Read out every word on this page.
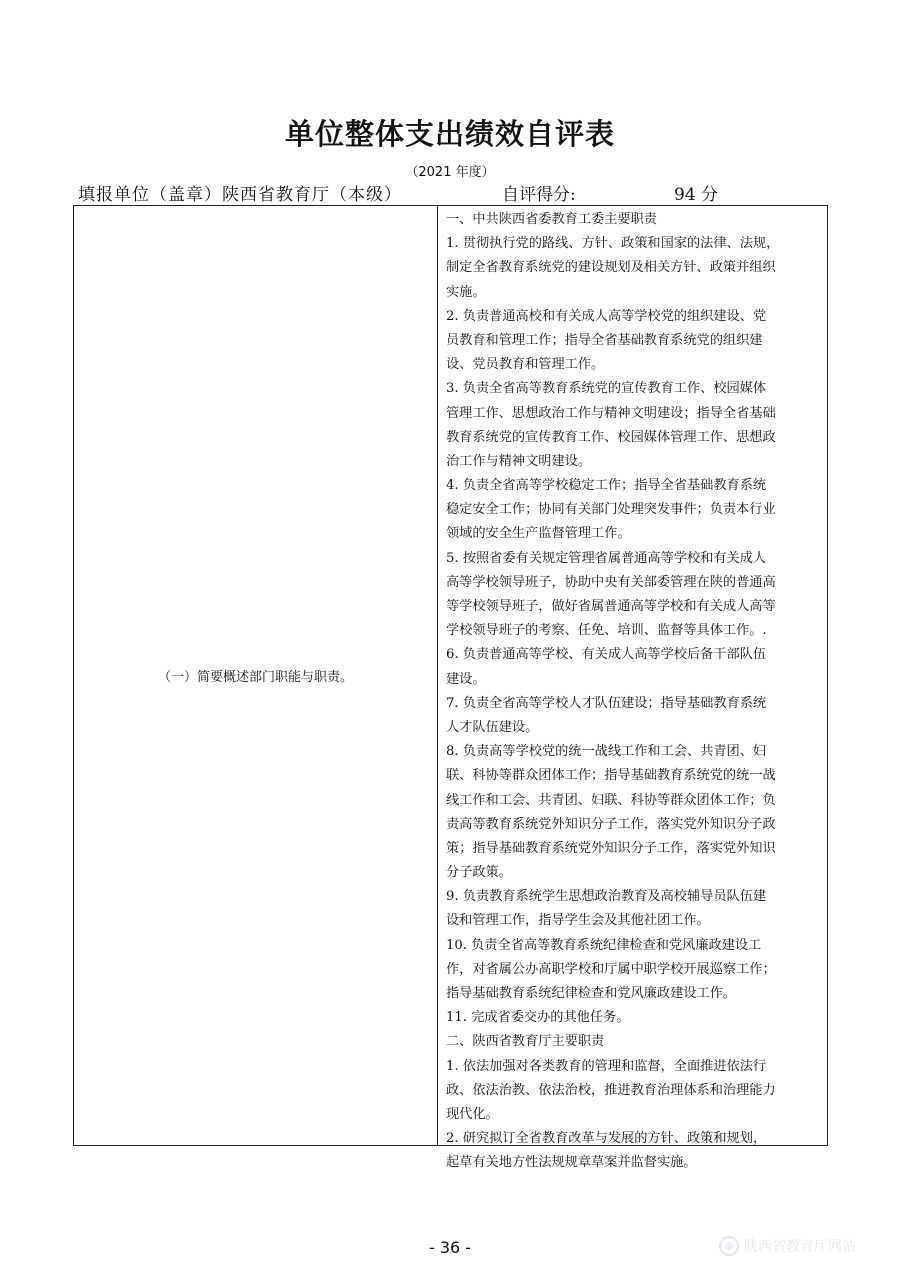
单位整体支出绩效自评表
（2021 年度）
填报单位（盖章）陕西省教育厅（本级）	自评得分:	94 分
（一）简要概述部门职能与职责。
一、中共陕西省委教育工委主要职责
1. 贯彻执行党的路线、方针、政策和国家的法律、法规，
制定全省教育系统党的建设规划及相关方针、政策并组织
实施。
2. 负责普通高校和有关成人高等学校党的组织建设、党
员教育和管理工作；指导全省基础教育系统党的组织建
设、党员教育和管理工作。
3. 负责全省高等教育系统党的宣传教育工作、校园媒体
管理工作、思想政治工作与精神文明建设；指导全省基础
教育系统党的宣传教育工作、校园媒体管理工作、思想政
治工作与精神文明建设。
4. 负责全省高等学校稳定工作；指导全省基础教育系统
稳定安全工作；协同有关部门处理突发事件；负责本行业
领域的安全生产监督管理工作。
5. 按照省委有关规定管理省属普通高等学校和有关成人
高等学校领导班子，协助中央有关部委管理在陕的普通高
等学校领导班子，做好省属普通高等学校和有关成人高等
学校领导班子的考察、任免、培训、监督等具体工作。.
6. 负责普通高等学校、有关成人高等学校后备干部队伍
建设。
7. 负责全省高等学校人才队伍建设；指导基础教育系统
人才队伍建设。
8. 负责高等学校党的统一战线工作和工会、共青团、妇
联、科协等群众团体工作；指导基础教育系统党的统一战
线工作和工会、共青团、妇联、科协等群众团体工作；负
责高等教育系统党外知识分子工作，落实党外知识分子政
策；指导基础教育系统党外知识分子工作，落实党外知识
分子政策。
9. 负责教育系统学生思想政治教育及高校辅导员队伍建
设和管理工作，指导学生会及其他社团工作。
10. 负责全省高等教育系统纪律检查和党风廉政建设工
作，对省属公办高职学校和厅属中职学校开展巡察工作；
指导基础教育系统纪律检查和党风廉政建设工作。
11. 完成省委交办的其他任务。
二、陕西省教育厅主要职责
1. 依法加强对各类教育的管理和监督，全面推进依法行
政、依法治教、依法治校，推进教育治理体系和治理能力
现代化。
2. 研究拟订全省教育改革与发展的方针、政策和规划，
起草有关地方性法规规章草案并监督实施。
- 36 -	陕西省教育厅网站
